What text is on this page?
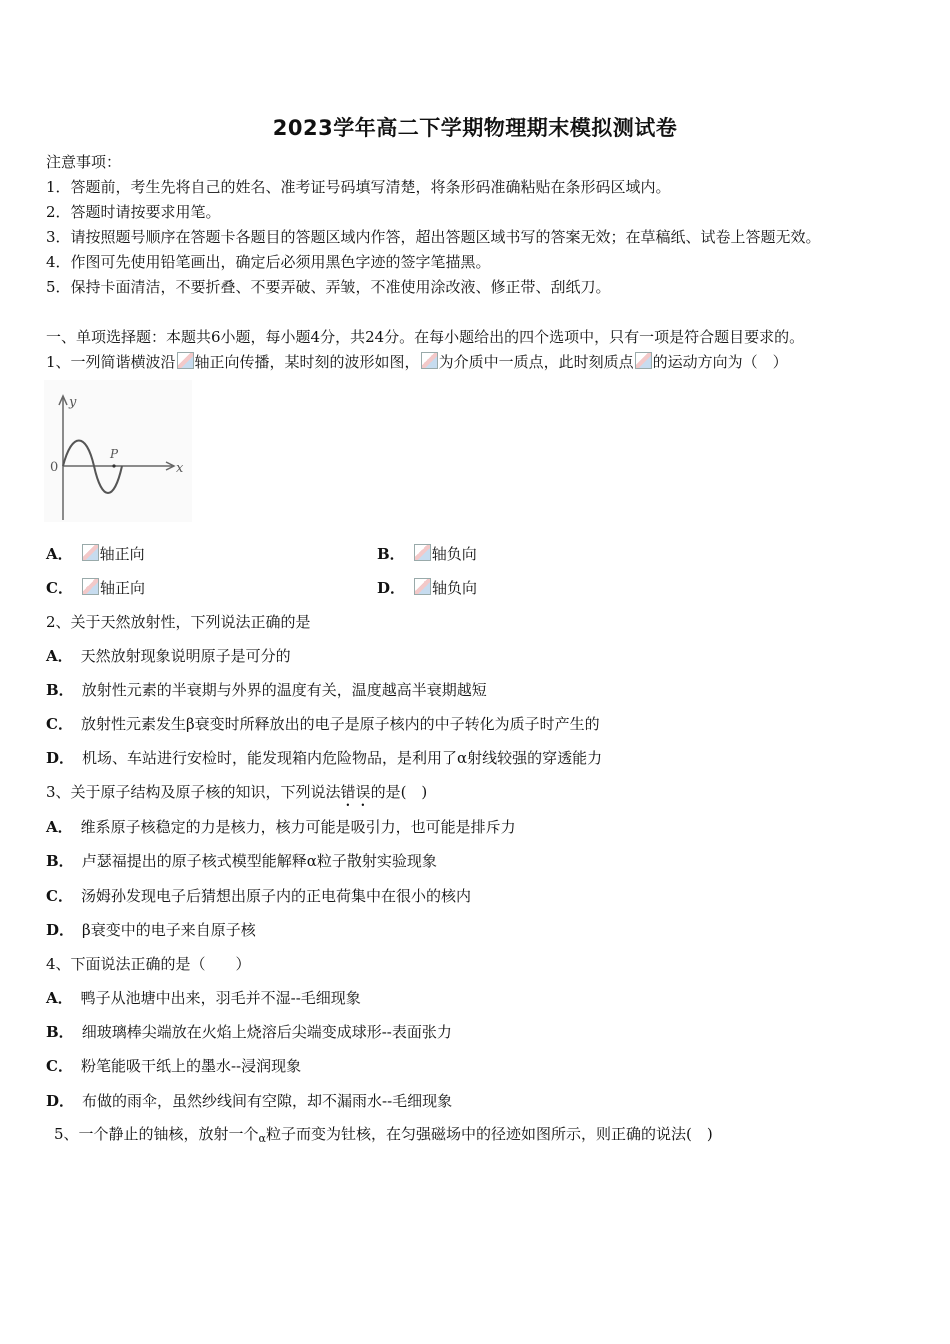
2023学年高二下学期物理期末模拟测试卷
注意事项：
1．答题前，考生先将自己的姓名、准考证号码填写清楚，将条形码准确粘贴在条形码区域内。
2．答题时请按要求用笔。
3．请按照题号顺序在答题卡各题目的答题区域内作答，超出答题区域书写的答案无效；在草稿纸、试卷上答题无效。
4．作图可先使用铅笔画出，确定后必须用黑色字迹的签字笔描黑。
5．保持卡面清洁，不要折叠、不要弄破、弄皱，不准使用涂改液、修正带、刮纸刀。
一、单项选择题：本题共6小题，每小题4分，共24分。在每小题给出的四个选项中，只有一项是符合题目要求的。
1、一列简谐横波沿 轴正向传播，某时刻的波形如图， 为介质中一质点，此时刻质点 的运动方向为（　）
y
x
0
P
A． 轴正向	B． 轴负向
C． 轴正向	D． 轴负向
2、关于天然放射性，下列说法正确的是
A． 天然放射现象说明原子是可分的
B． 放射性元素的半衰期与外界的温度有关，温度越高半衰期越短
C． 放射性元素发生β衰变时所释放出的电子是原子核内的中子转化为质子时产生的
D． 机场、车站进行安检时，能发现箱内危险物品，是利用了α射线较强的穿透能力
3、关于原子结构及原子核的知识，下列说法错误的是(　)
A． 维系原子核稳定的力是核力，核力可能是吸引力，也可能是排斥力
B． 卢瑟福提出的原子核式模型能解释α粒子散射实验现象
C． 汤姆孙发现电子后猜想出原子内的正电荷集中在很小的核内
D． β衰变中的电子来自原子核
4、下面说法正确的是（　　）
A． 鸭子从池塘中出来，羽毛并不湿--毛细现象
B． 细玻璃棒尖端放在火焰上烧溶后尖端变成球形--表面张力
C． 粉笔能吸干纸上的墨水--浸润现象
D． 布做的雨伞，虽然纱线间有空隙，却不漏雨水--毛细现象
5、一个静止的铀核，放射一个$_\alpha$粒子而变为钍核，在匀强磁场中的径迹如图所示，则正确的说法(　)
